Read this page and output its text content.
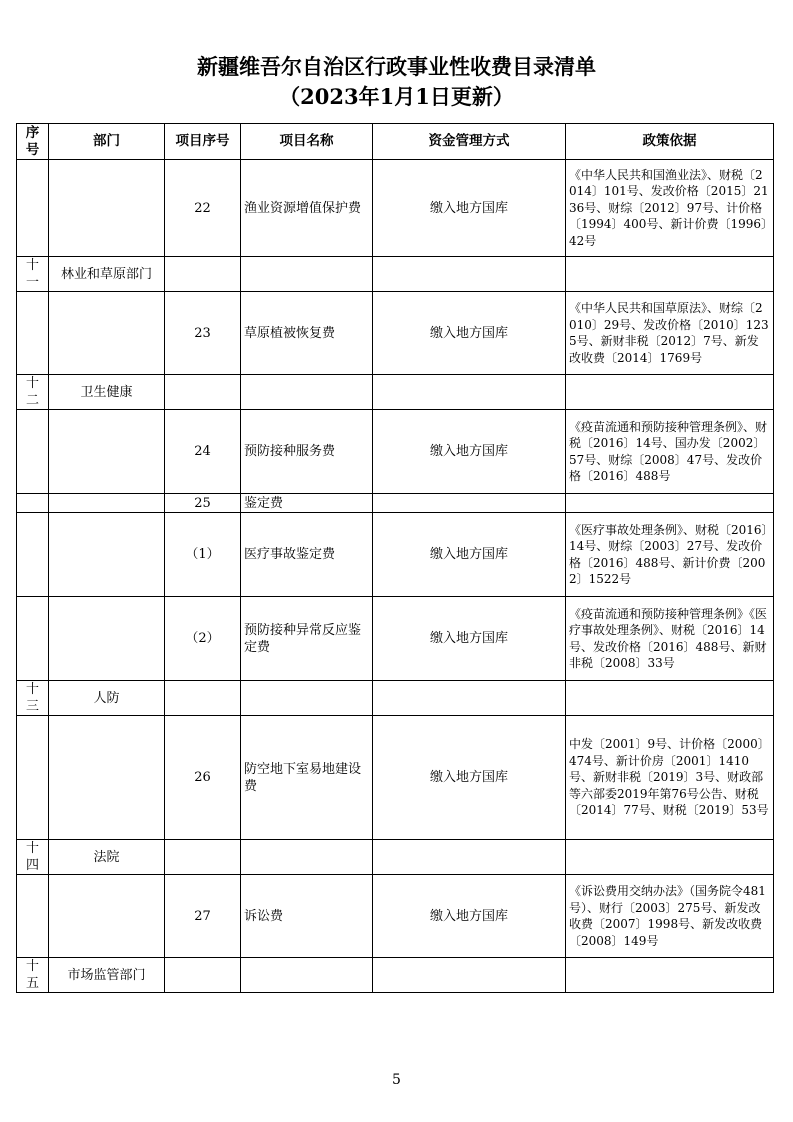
新疆维吾尔自治区行政事业性收费目录清单
（2023年1月1日更新）
序号	部门	项目序号	项目名称	资金管理方式	政策依据
		22	渔业资源增值保护费	缴入地方国库	《中华人民共和国渔业法》、财税〔2014〕101号、发改价格〔2015〕2136号、财综〔2012〕97号、计价格〔1994〕400号、新计价费〔1996〕42号
十一	林业和草原部门				
		23	草原植被恢复费	缴入地方国库	《中华人民共和国草原法》、财综〔2010〕29号、发改价格〔2010〕1235号、新财非税〔2012〕7号、新发改收费〔2014〕1769号
十二	卫生健康				
		24	预防接种服务费	缴入地方国库	《疫苗流通和预防接种管理条例》、财税〔2016〕14号、国办发〔2002〕57号、财综〔2008〕47号、发改价格〔2016〕488号
		25	鉴定费		
		（1）	医疗事故鉴定费	缴入地方国库	《医疗事故处理条例》、财税〔2016〕14号、财综〔2003〕27号、发改价格〔2016〕488号、新计价费〔2002〕1522号
		（2）	预防接种异常反应鉴定费	缴入地方国库	《疫苗流通和预防接种管理条例》《医疗事故处理条例》、财税〔2016〕14号、发改价格〔2016〕488号、新财非税〔2008〕33号
十三	人防				
		26	防空地下室易地建设费	缴入地方国库	中发〔2001〕9号、计价格〔2000〕474号、新计价房〔2001〕1410号、新财非税〔2019〕3号、财政部等六部委2019年第76号公告、财税〔2014〕77号、财税〔2019〕53号
十四	法院				
		27	诉讼费	缴入地方国库	《诉讼费用交纳办法》（国务院令481号）、财行〔2003〕275号、新发改收费〔2007〕1998号、新发改收费〔2008〕149号
十五	市场监管部门				
5
